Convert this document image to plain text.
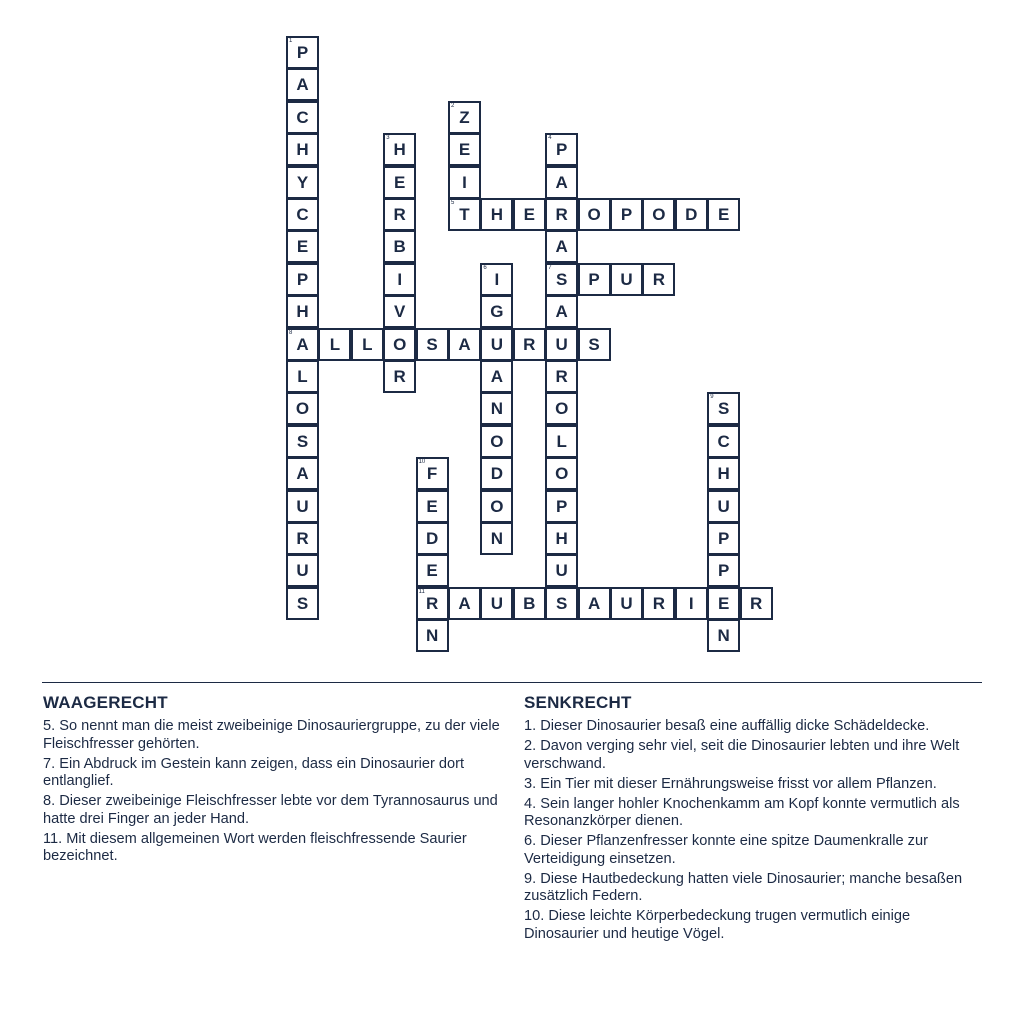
P
1
A
C
H
Y
C
E
P
H
A
8
L
O
S
A
U
R
U
S
Z
2
E
I
T
5
H
3
E
R
B
I
V
O
R
P
4
A
R
A
S
7
A
U
R
O
L
O
P
H
U
S
H E	O P O D E
I
6
G
U
A
N
O
D
O
N
P U R
L L	S A	R	S
S
9
C
H
U
P
P
E
N
F
10
E
D
E
R
11
N
A U B	A U R I	R
WAAGERECHT

5. So nennt man die meist zweibeinige Dinosauriergruppe, zu der viele Fleischfresser gehörten.

7. Ein Abdruck im Gestein kann zeigen, dass ein Dinosaurier dort entlanglief.

8. Dieser zweibeinige Fleischfresser lebte vor dem Tyrannosaurus und hatte drei Finger an jeder Hand.

11. Mit diesem allgemeinen Wort werden fleischfressende Saurier bezeichnet.

SENKRECHT

1. Dieser Dinosaurier besaß eine auffällig dicke Schädeldecke.

2. Davon verging sehr viel, seit die Dinosaurier lebten und ihre Welt verschwand.

3. Ein Tier mit dieser Ernährungsweise frisst vor allem Pflanzen.

4. Sein langer hohler Knochenkamm am Kopf konnte vermutlich als Resonanzkörper dienen.

6. Dieser Pflanzenfresser konnte eine spitze Daumenkralle zur Verteidigung einsetzen.

9. Diese Hautbedeckung hatten viele Dinosaurier; manche besaßen zusätzlich Federn.

10. Diese leichte Körperbedeckung trugen vermutlich einige Dinosaurier und heutige Vögel.
